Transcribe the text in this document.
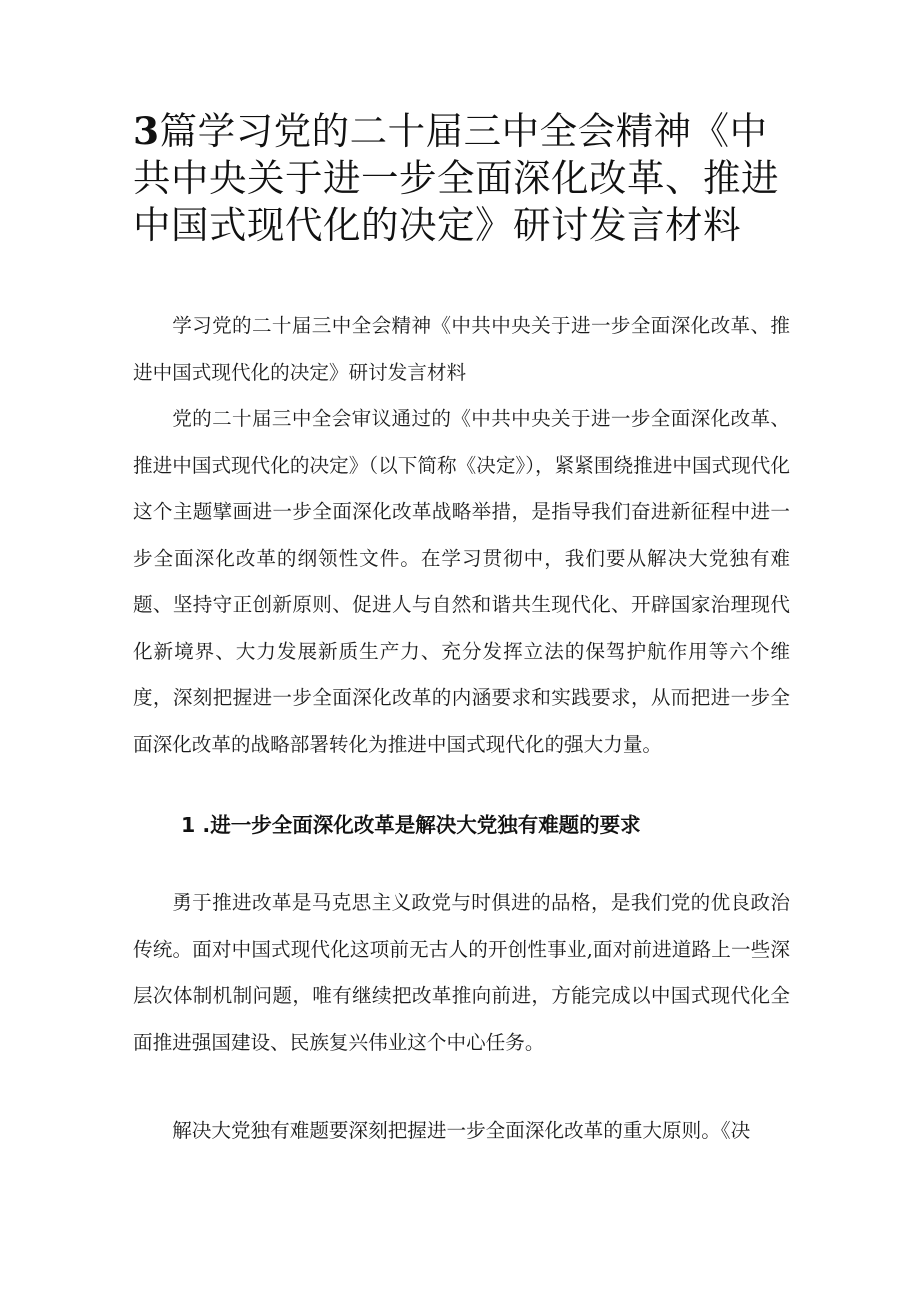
3篇学习党的二十届三中全会精神《中共中央关于进一步全面深化改革、推进中国式现代化的决定》研讨发言材料

学习党的二十届三中全会精神《中共中央关于进一步全面深化改革、推进中国式现代化的决定》研讨发言材料

党的二十届三中全会审议通过的《中共中央关于进一步全面深化改革、推进中国式现代化的决定》（以下简称《决定》），紧紧围绕推进中国式现代化这个主题擘画进一步全面深化改革战略举措，是指导我们奋进新征程中进一步全面深化改革的纲领性文件。在学习贯彻中，我们要从解决大党独有难题、坚持守正创新原则、促进人与自然和谐共生现代化、开辟国家治理现代化新境界、大力发展新质生产力、充分发挥立法的保驾护航作用等六个维度，深刻把握进一步全面深化改革的内涵要求和实践要求，从而把进一步全面深化改革的战略部署转化为推进中国式现代化的强大力量。

1 .进一步全面深化改革是解决大党独有难题的要求

勇于推进改革是马克思主义政党与时俱进的品格，是我们党的优良政治传统。面对中国式现代化这项前无古人的开创性事业,面对前进道路上一些深层次体制机制问题，唯有继续把改革推向前进，方能完成以中国式现代化全面推进强国建设、民族复兴伟业这个中心任务。

解决大党独有难题要深刻把握进一步全面深化改革的重大原则。《决
